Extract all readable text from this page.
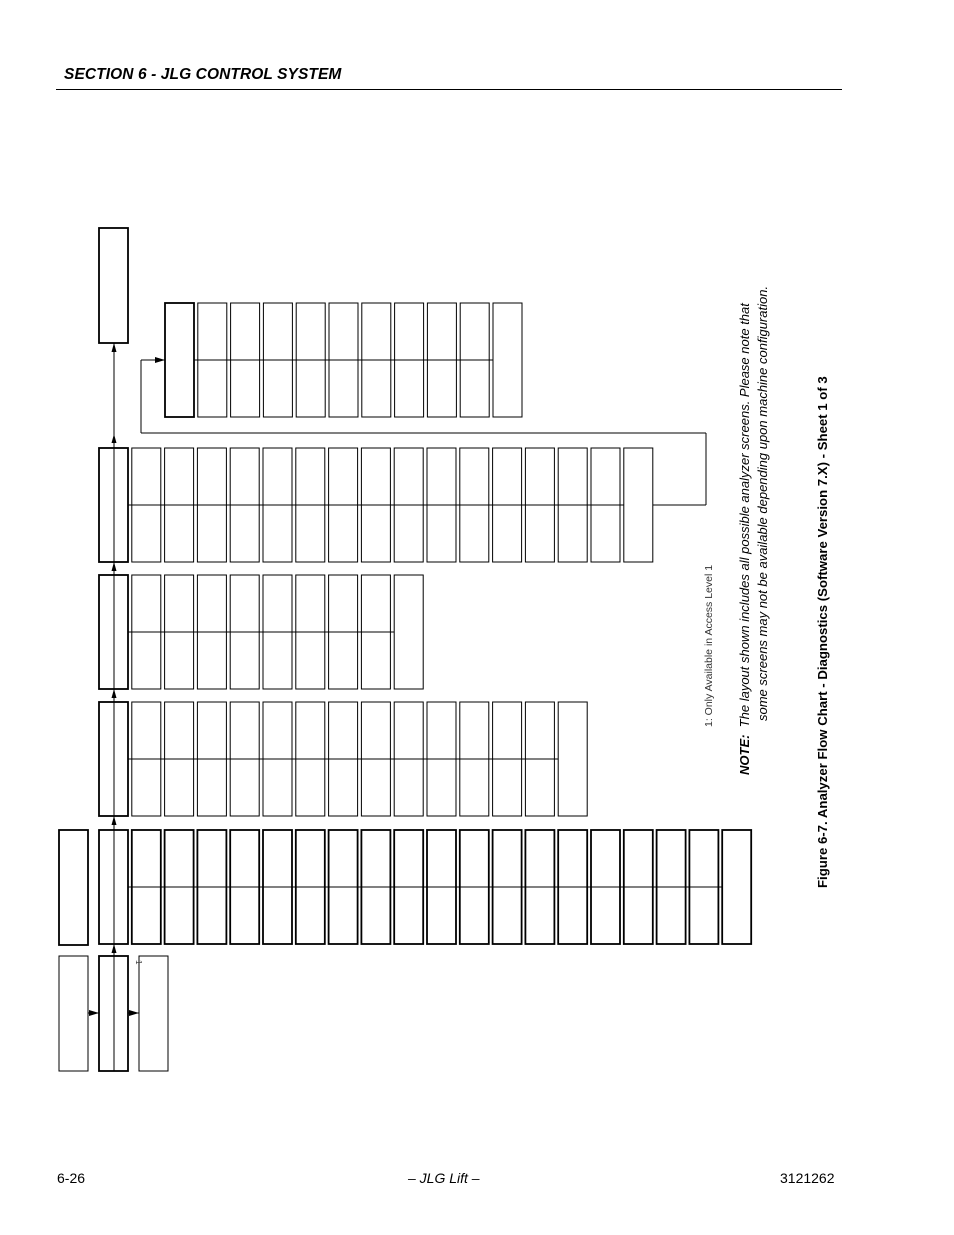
SECTION 6 - JLG CONTROL SYSTEM
1
1: Only Available in Access Level 1
NOTE:  The layout shown includes all possible analyzer screens. Please note that some screens may not be available depending upon machine configuration.	Figure 6-7. Analyzer Flow Chart - Diagnostics (Software Version 7.X) - Sheet 1 of 3
6-26	– JLG Lift –	3121262
